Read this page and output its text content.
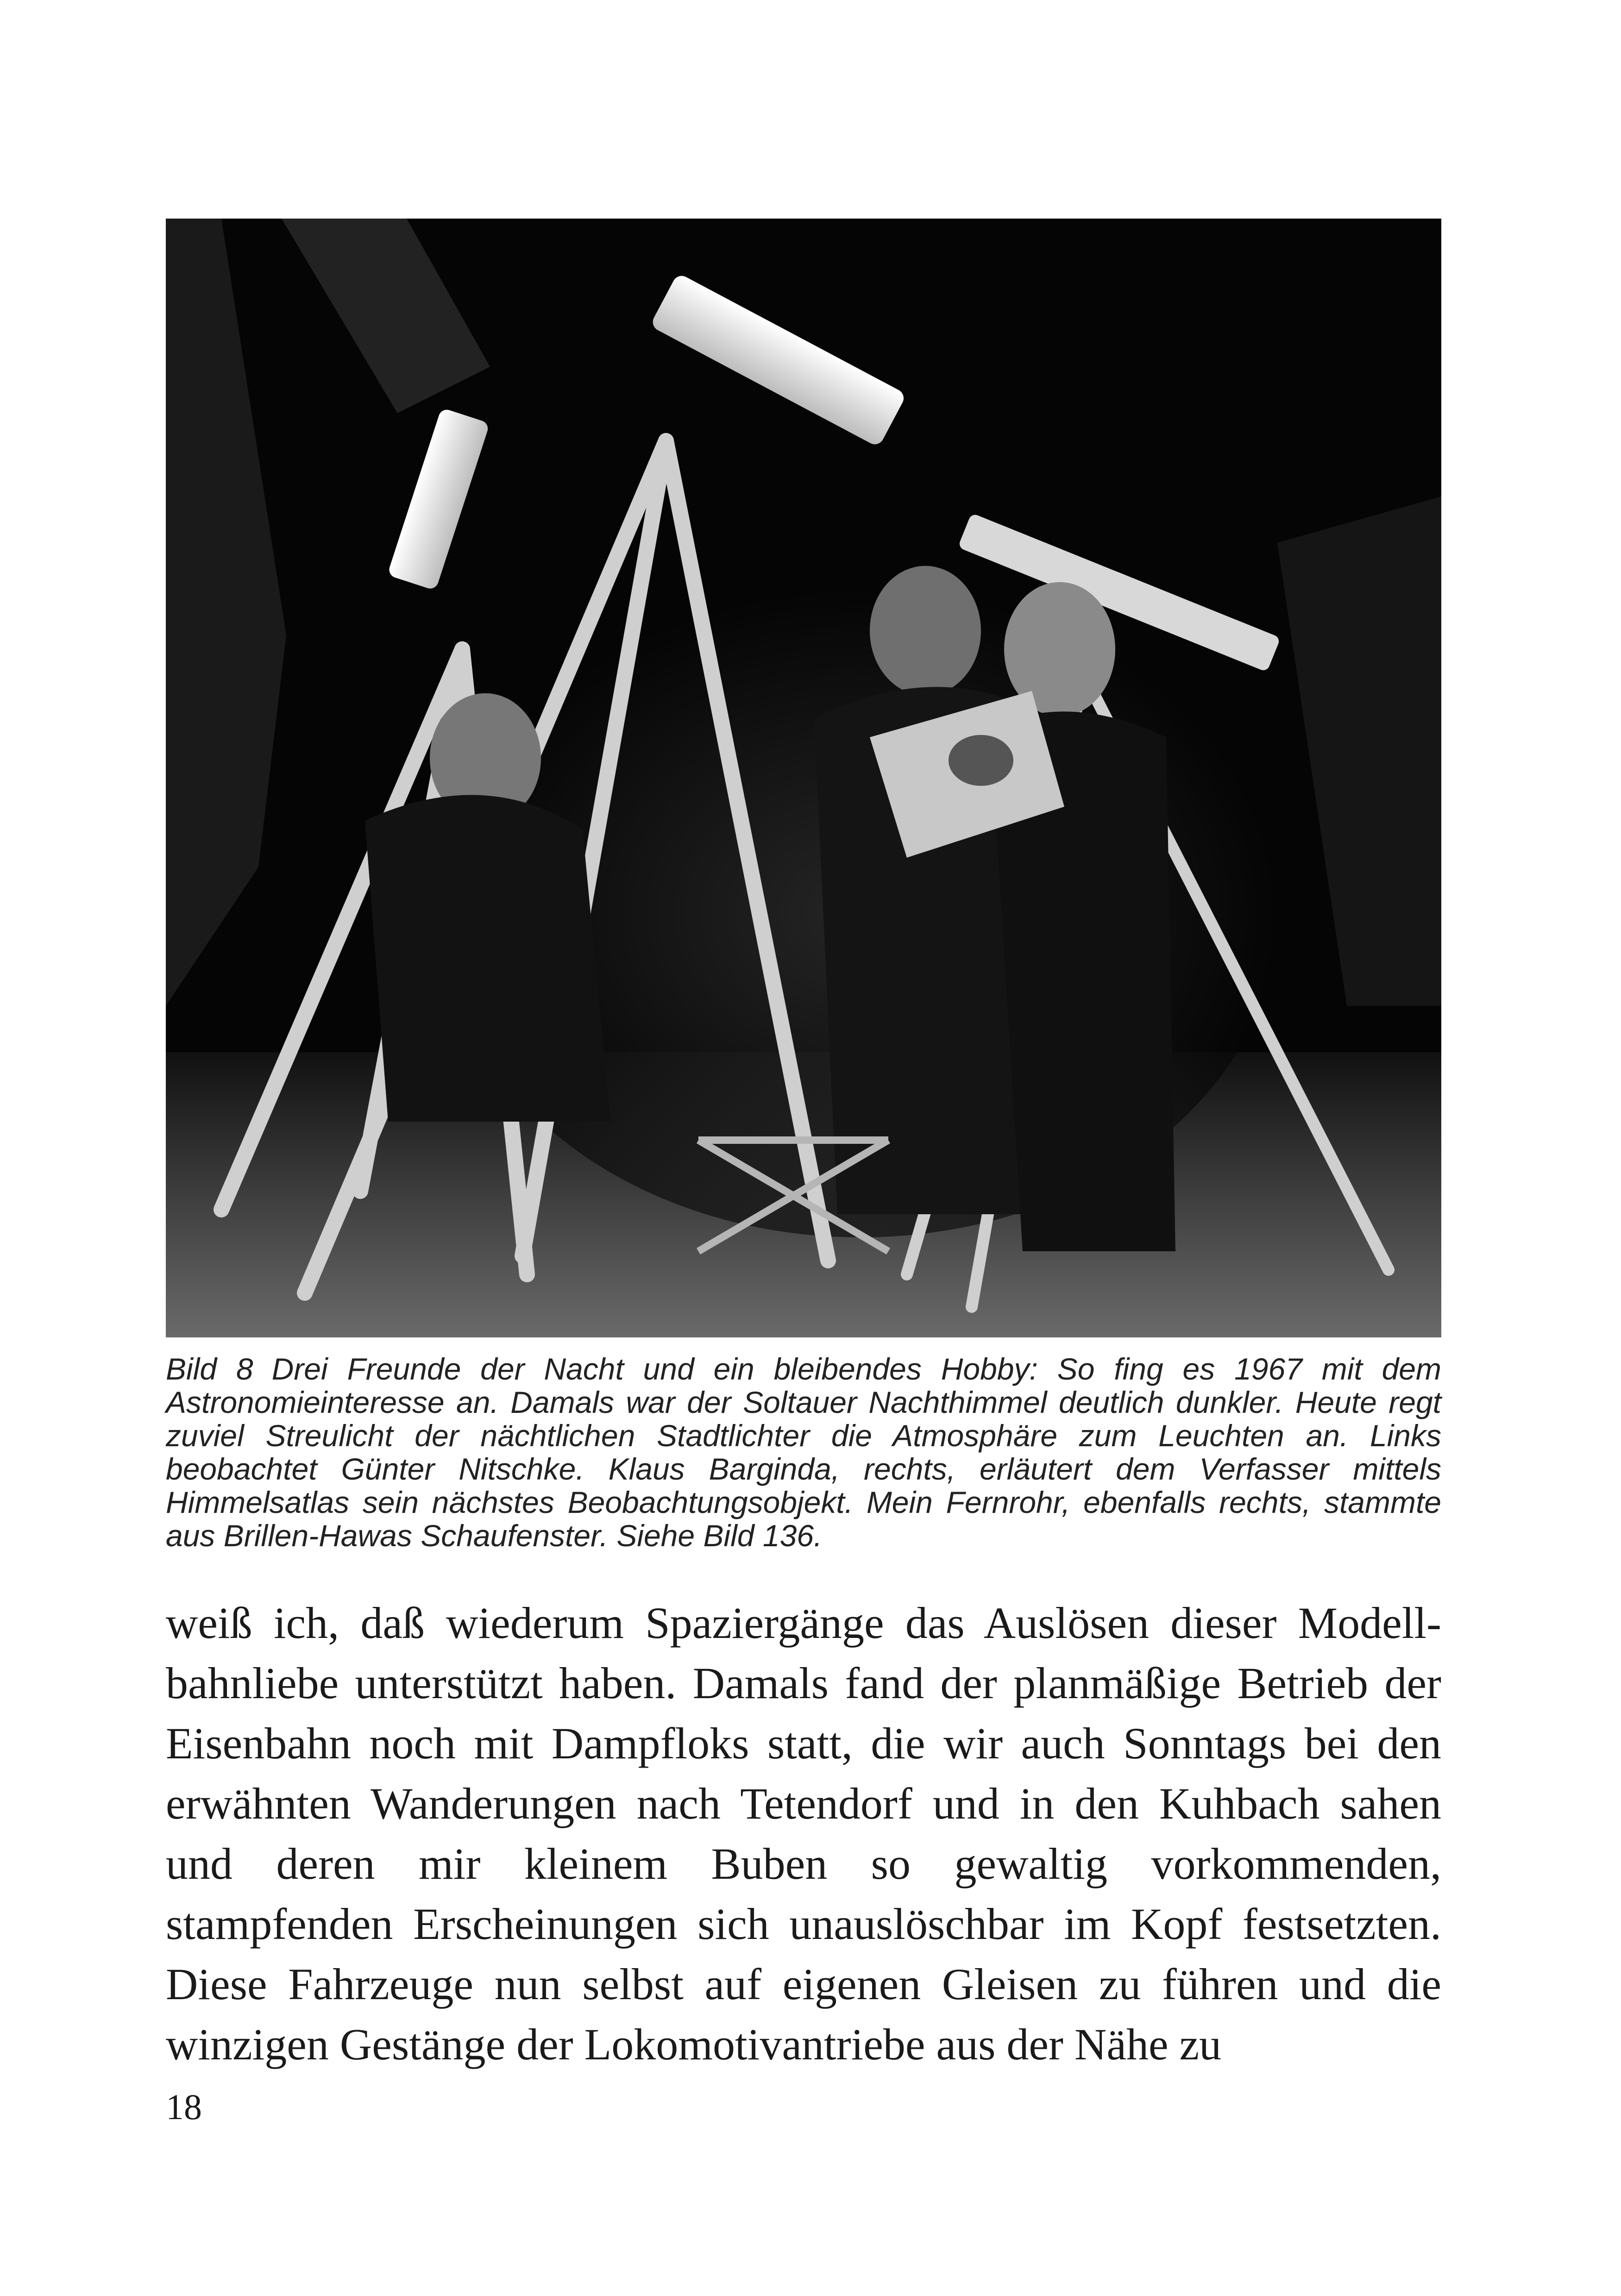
Bild 8 Drei Freunde der Nacht und ein bleibendes Hobby: So fing es 1967 mit dem Astronomieinteresse an. Damals war der Soltauer Nachthimmel deutlich dunkler. Heute regt zuviel Streulicht der nächtlichen Stadtlichter die Atmosphäre zum Leuchten an. Links beobachtet Günter Nitschke. Klaus Barginda, rechts, erläutert dem Verfasser mittels Himmelsatlas sein nächstes Beobachtungsobjekt. Mein Fernrohr, ebenfalls rechts, stammte aus Brillen-Hawas Schaufenster. Siehe Bild 136.
weiß ich, daß wiederum Spaziergänge das Auslösen dieser Modellbahnliebe unterstützt haben. Damals fand der planmäßige Betrieb der Eisenbahn noch mit Dampfloks statt, die wir auch Sonntags bei den erwähnten Wanderungen nach Tetendorf und in den Kuhbach sahen und deren mir kleinem Buben so gewaltig vorkommenden, stampfenden Erscheinungen sich unauslöschbar im Kopf festsetzten. Diese Fahrzeuge nun selbst auf eigenen Gleisen zu führen und die winzigen Gestänge der Lokomotivantriebe aus der Nähe zu
18
